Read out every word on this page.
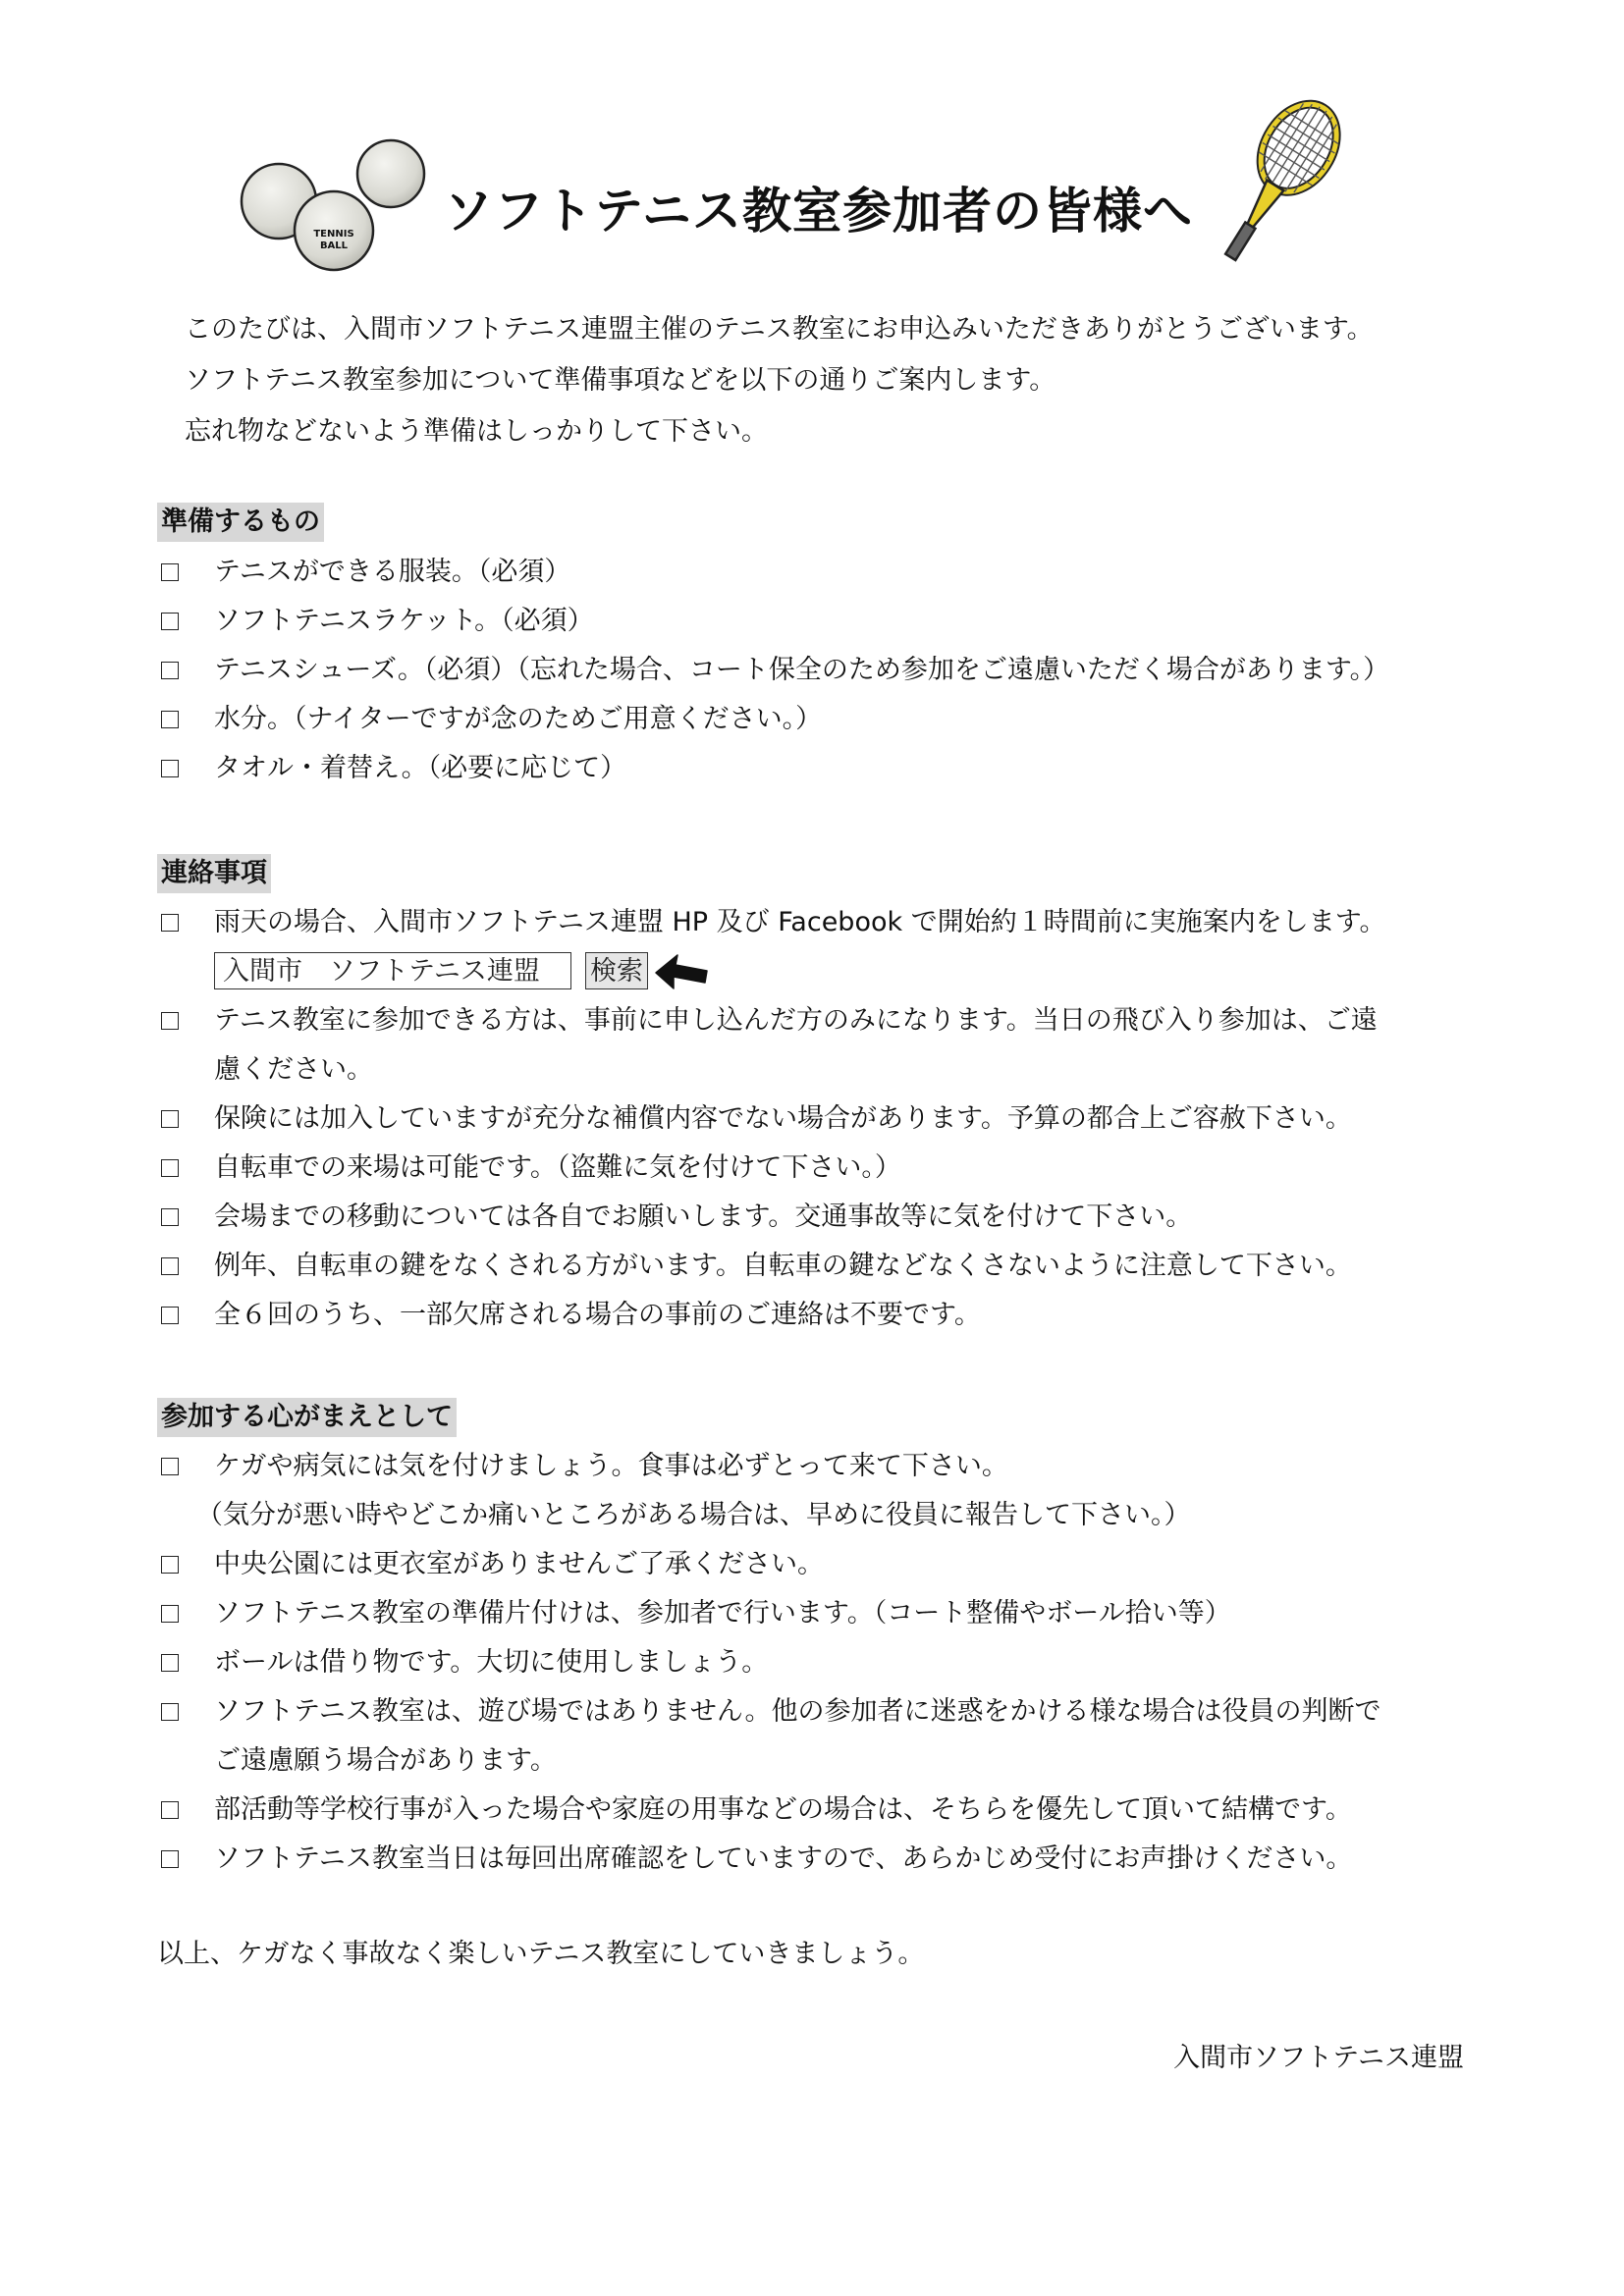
TENNIS
BALL
ソフトテニス教室参加者の皆様へ

このたびは、入間市ソフトテニス連盟主催のテニス教室にお申込みいただきありがとうございます。

ソフトテニス教室参加について準備事項などを以下の通りご案内します。

忘れ物などないよう準備はしっかりして下さい。

準備するもの
テニスができる服装。（必須）
ソフトテニスラケット。（必須）
テニスシューズ。（必須）（忘れた場合、コート保全のため参加をご遠慮いただく場合があります。）
水分。（ナイターですが念のためご用意ください。）
タオル・着替え。（必要に応じて）
連絡事項
雨天の場合、入間市ソフトテニス連盟 HP 及び Facebook で開始約１時間前に実施案内をします。
入間市　ソフトテニス連盟	検索
テニス教室に参加できる方は、事前に申し込んだ方のみになります。当日の飛び入り参加は、ご遠
慮ください。
保険には加入していますが充分な補償内容でない場合があります。予算の都合上ご容赦下さい。
自転車での来場は可能です。（盗難に気を付けて下さい。）
会場までの移動については各自でお願いします。交通事故等に気を付けて下さい。
例年、自転車の鍵をなくされる方がいます。自転車の鍵などなくさないように注意して下さい。
全６回のうち、一部欠席される場合の事前のご連絡は不要です。
参加する心がまえとして
ケガや病気には気を付けましょう。食事は必ずとって来て下さい。
（気分が悪い時やどこか痛いところがある場合は、早めに役員に報告して下さい。）
中央公園には更衣室がありませんご了承ください。
ソフトテニス教室の準備片付けは、参加者で行います。（コート整備やボール拾い等）
ボールは借り物です。大切に使用しましょう。
ソフトテニス教室は、遊び場ではありません。他の参加者に迷惑をかける様な場合は役員の判断で
ご遠慮願う場合があります。
部活動等学校行事が入った場合や家庭の用事などの場合は、そちらを優先して頂いて結構です。
ソフトテニス教室当日は毎回出席確認をしていますので、あらかじめ受付にお声掛けください。
以上、ケガなく事故なく楽しいテニス教室にしていきましょう。
入間市ソフトテニス連盟
